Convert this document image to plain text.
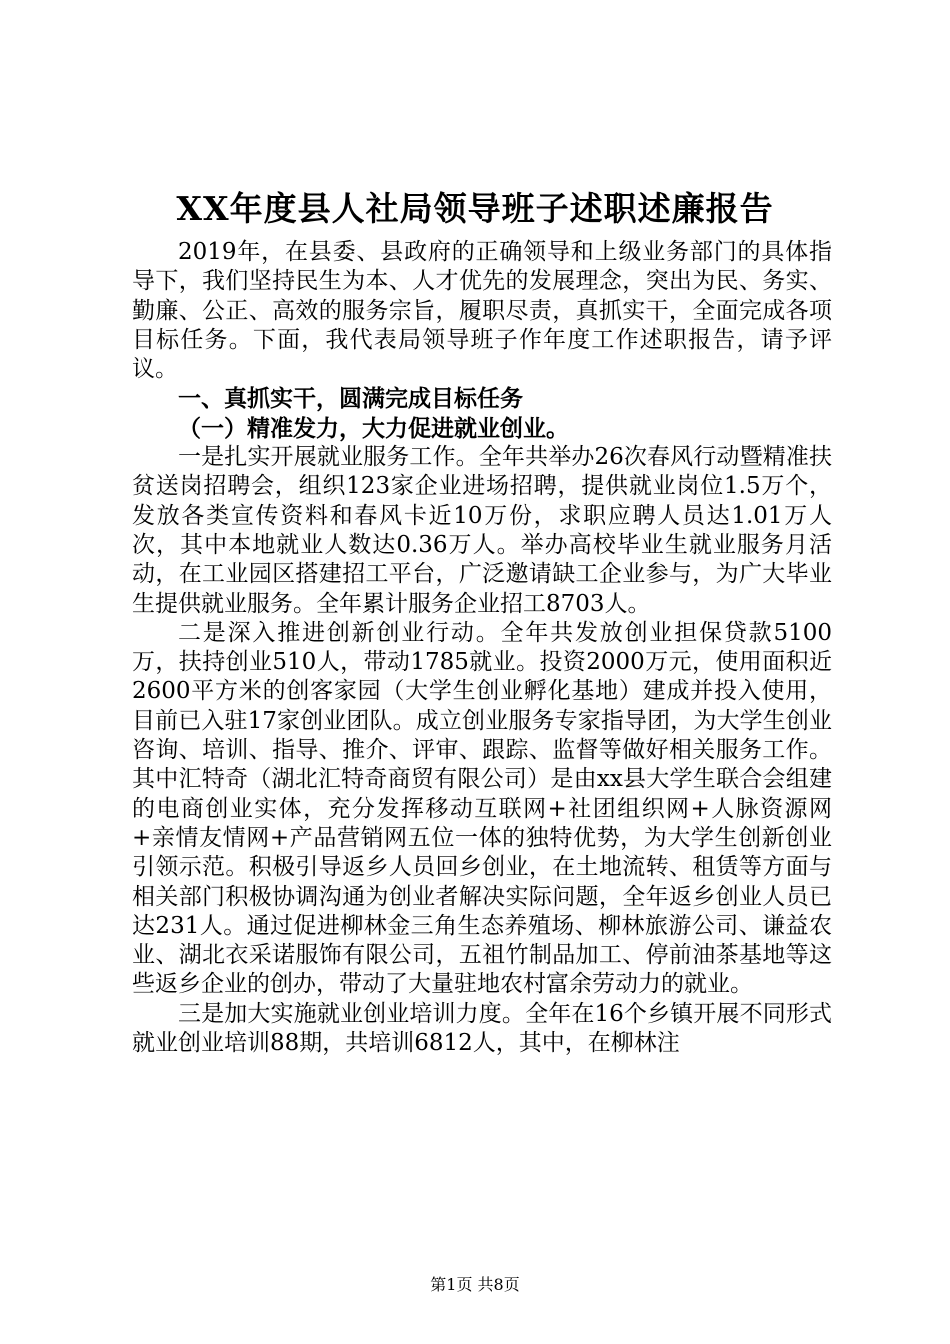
XX年度县人社局领导班子述职述廉报告

2019年，在县委、县政府的正确领导和上级业务部门的具体指导下，我们坚持民生为本、人才优先的发展理念，突出为民、务实、勤廉、公正、高效的服务宗旨，履职尽责，真抓实干，全面完成各项目标任务。下面，我代表局领导班子作年度工作述职报告，请予评议。

一、真抓实干，圆满完成目标任务

（一）精准发力，大力促进就业创业。

一是扎实开展就业服务工作。全年共举办26次春风行动暨精准扶贫送岗招聘会，组织123家企业进场招聘，提供就业岗位1.5万个，发放各类宣传资料和春风卡近10万份，求职应聘人员达1.01万人次，其中本地就业人数达0.36万人。举办高校毕业生就业服务月活动，在工业园区搭建招工平台，广泛邀请缺工企业参与，为广大毕业生提供就业服务。全年累计服务企业招工8703人。

二是深入推进创新创业行动。全年共发放创业担保贷款5100万，扶持创业510人，带动1785就业。投资2000万元，使用面积近2600平方米的创客家园（大学生创业孵化基地）建成并投入使用，目前已入驻17家创业团队。成立创业服务专家指导团，为大学生创业咨询、培训、指导、推介、评审、跟踪、监督等做好相关服务工作。其中汇特奇（湖北汇特奇商贸有限公司）是由xx县大学生联合会组建的电商创业实体，充分发挥移动互联网+社团组织网+人脉资源网+亲情友情网+产品营销网五位一体的独特优势，为大学生创新创业引领示范。积极引导返乡人员回乡创业，在土地流转、租赁等方面与相关部门积极协调沟通为创业者解决实际问题，全年返乡创业人员已达231人。通过促进柳林金三角生态养殖场、柳林旅游公司、谦益农业、湖北衣采诺服饰有限公司，五祖竹制品加工、停前油茶基地等这些返乡企业的创办，带动了大量驻地农村富余劳动力的就业。

三是加大实施就业创业培训力度。全年在16个乡镇开展不同形式就业创业培训88期，共培训6812人，其中，在柳林注

第1页 共8页
